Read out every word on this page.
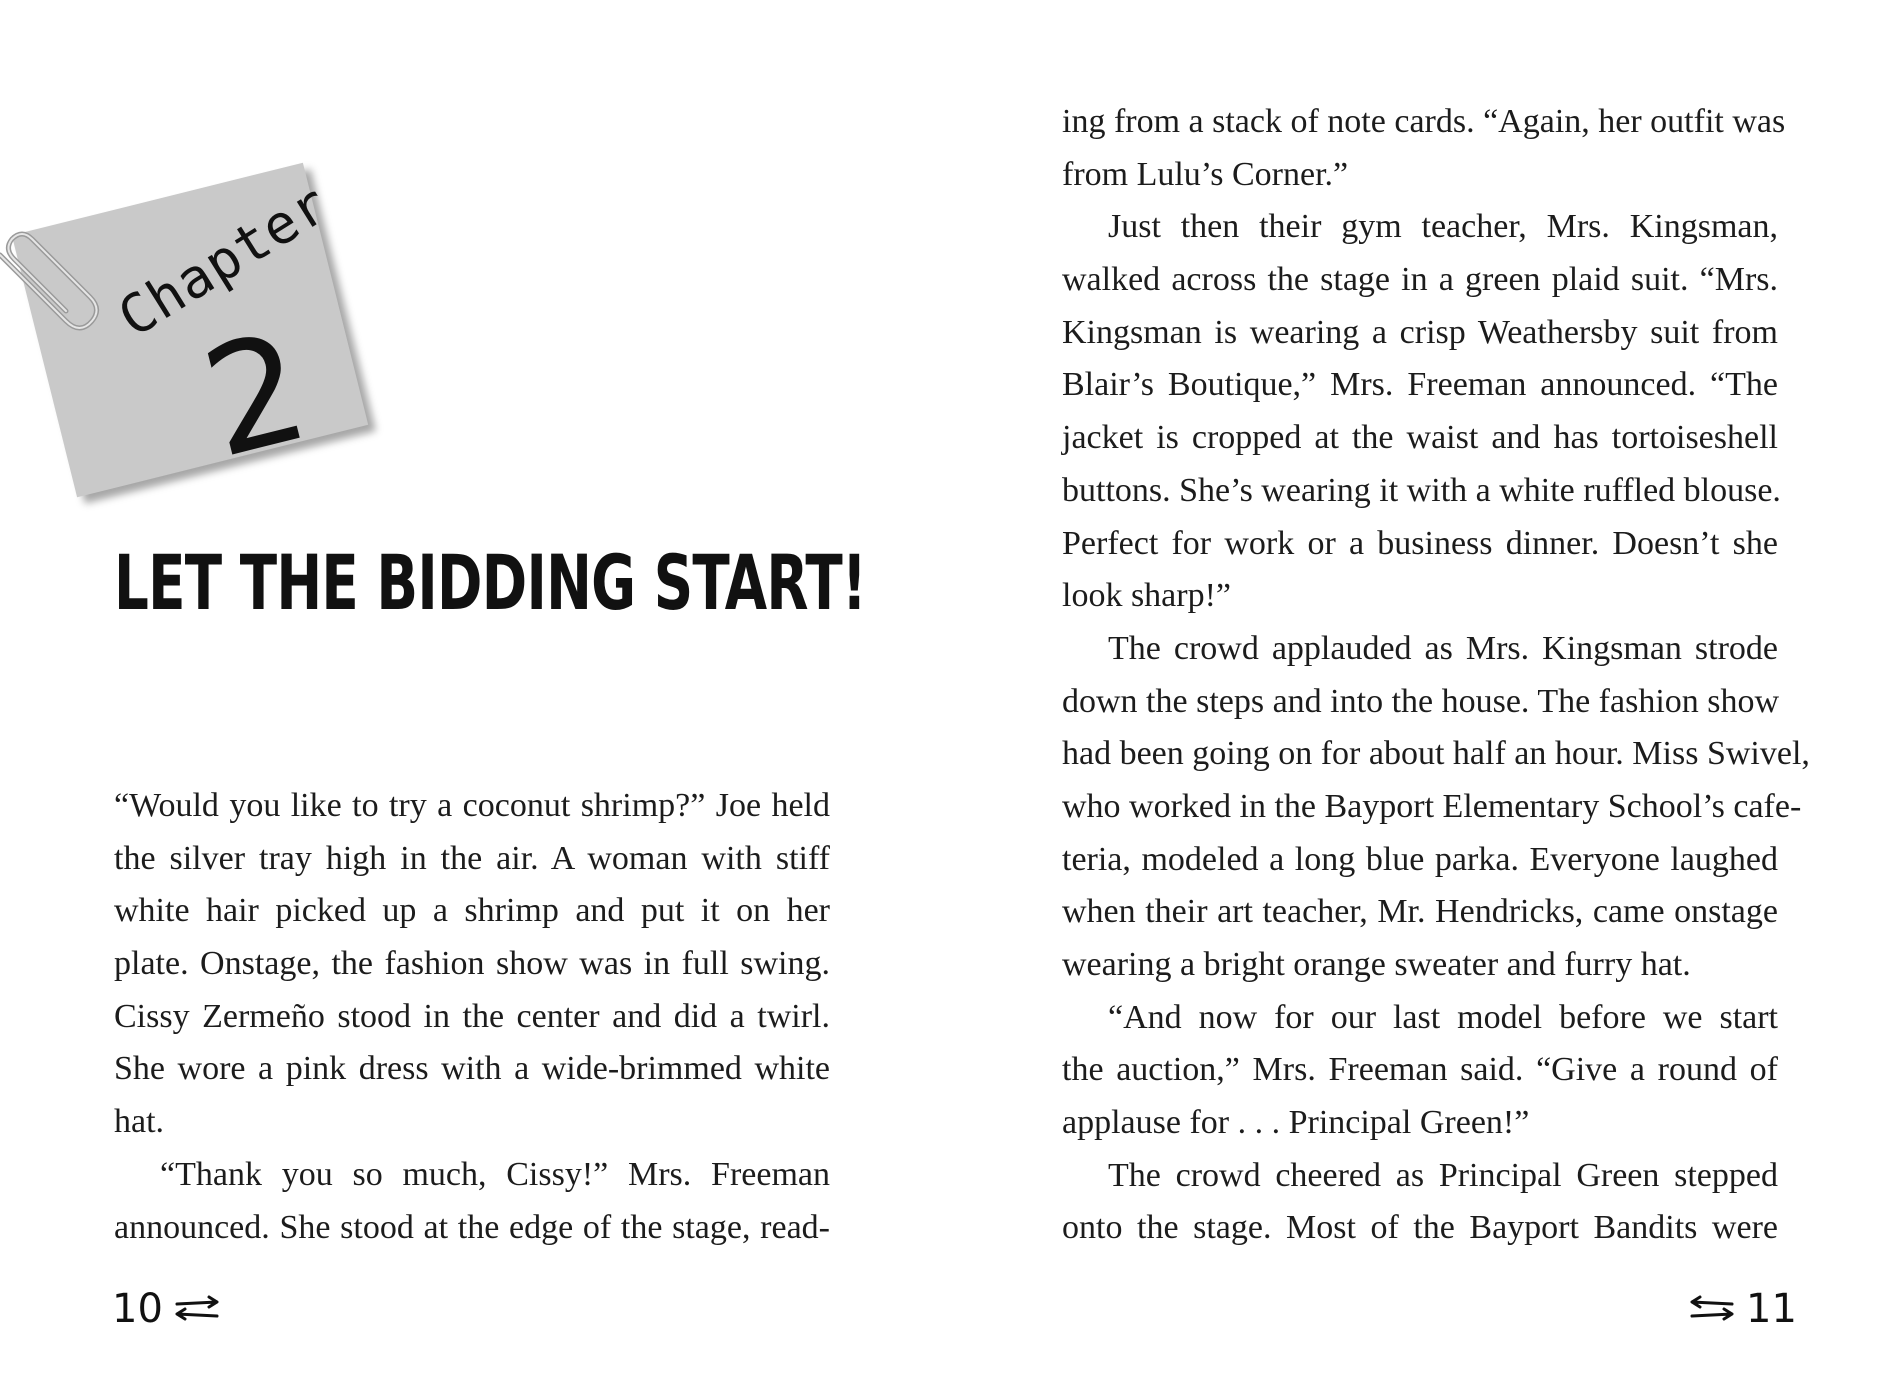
Chapter
2
LET THE BIDDING START!
“Would you like to try a coconut shrimp?” Joe held
the silver tray high in the air. A woman with stiff
white hair picked up a shrimp and put it on her
plate. Onstage, the fashion show was in full swing.
Cissy Zermeño stood in the center and did a twirl.
She wore a pink dress with a wide-brimmed white
hat.
“Thank you so much, Cissy!” Mrs. Freeman
announced. She stood at the edge of the stage, read-
10
ing from a stack of note cards. “Again, her outfit was
from Lulu’s Corner.”
Just then their gym teacher, Mrs. Kingsman,
walked across the stage in a green plaid suit. “Mrs.
Kingsman is wearing a crisp Weathersby suit from
Blair’s Boutique,” Mrs. Freeman announced. “The
jacket is cropped at the waist and has tortoiseshell
buttons. She’s wearing it with a white ruffled blouse.
Perfect for work or a business dinner. Doesn’t she
look sharp!”
The crowd applauded as Mrs. Kingsman strode
down the steps and into the house. The fashion show
had been going on for about half an hour. Miss Swivel,
who worked in the Bayport Elementary School’s cafe-
teria, modeled a long blue parka. Everyone laughed
when their art teacher, Mr. Hendricks, came onstage
wearing a bright orange sweater and furry hat.
“And now for our last model before we start
the auction,” Mrs. Freeman said. “Give a round of
applause for . . . Principal Green!”
The crowd cheered as Principal Green stepped
onto the stage. Most of the Bayport Bandits were
11
